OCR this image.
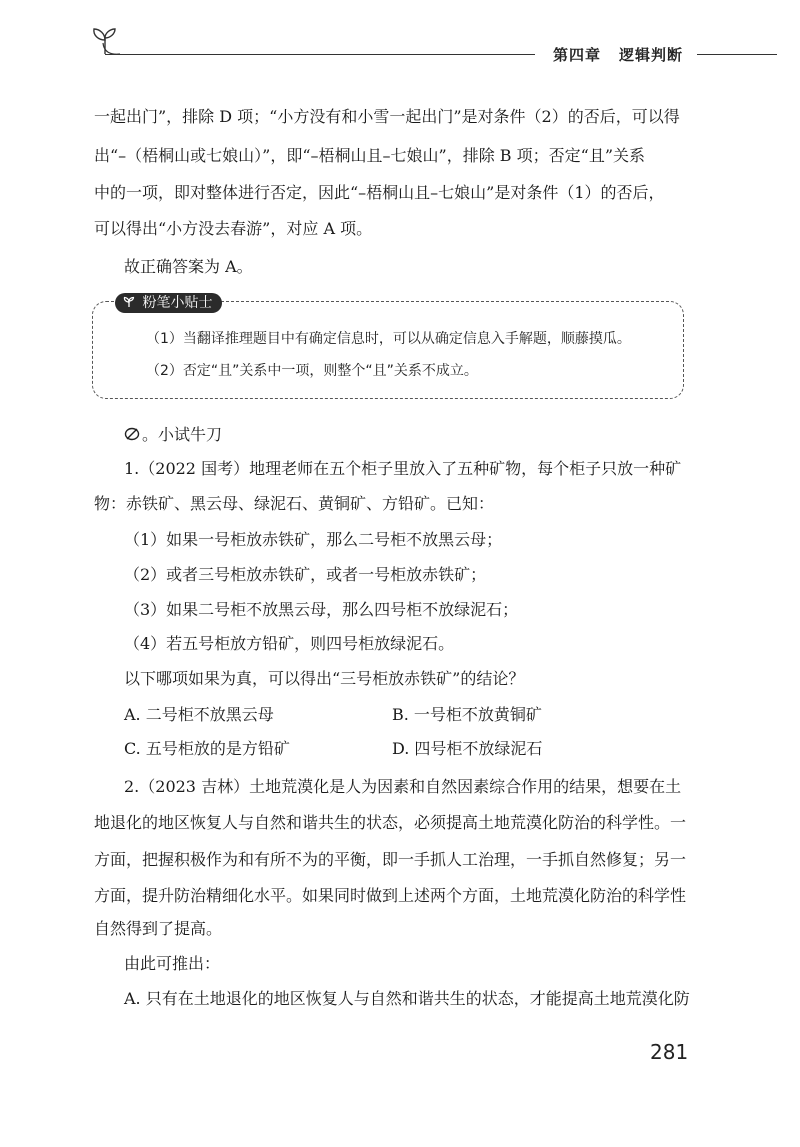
第四章 逻辑判断
一起出门”，排除 D 项；“小方没有和小雪一起出门”是对条件（2）的否后，可以得
出“–（梧桐山或七娘山）”，即“–梧桐山且–七娘山”，排除 B 项；否定“且”关系
中的一项，即对整体进行否定，因此“–梧桐山且–七娘山”是对条件（1）的否后，
可以得出“小方没去春游”，对应 A 项。
故正确答案为 A。
粉笔小贴士
（1）当翻译推理题目中有确定信息时，可以从确定信息入手解题，顺藤摸瓜。
（2）否定“且”关系中一项，则整个“且”关系不成立。
。小试牛刀
1.（2022 国考）地理老师在五个柜子里放入了五种矿物，每个柜子只放一种矿
物：赤铁矿、黑云母、绿泥石、黄铜矿、方铅矿。已知：
（1）如果一号柜放赤铁矿，那么二号柜不放黑云母；
（2）或者三号柜放赤铁矿，或者一号柜放赤铁矿；
（3）如果二号柜不放黑云母，那么四号柜不放绿泥石；
（4）若五号柜放方铅矿，则四号柜放绿泥石。
以下哪项如果为真，可以得出“三号柜放赤铁矿”的结论？
A. 二号柜不放黑云母	B. 一号柜不放黄铜矿
C. 五号柜放的是方铅矿	D. 四号柜不放绿泥石
2.（2023 吉林）土地荒漠化是人为因素和自然因素综合作用的结果，想要在土
地退化的地区恢复人与自然和谐共生的状态，必须提高土地荒漠化防治的科学性。一
方面，把握积极作为和有所不为的平衡，即一手抓人工治理，一手抓自然修复；另一
方面，提升防治精细化水平。如果同时做到上述两个方面，土地荒漠化防治的科学性
自然得到了提高。
由此可推出：
A. 只有在土地退化的地区恢复人与自然和谐共生的状态，才能提高土地荒漠化防
281
